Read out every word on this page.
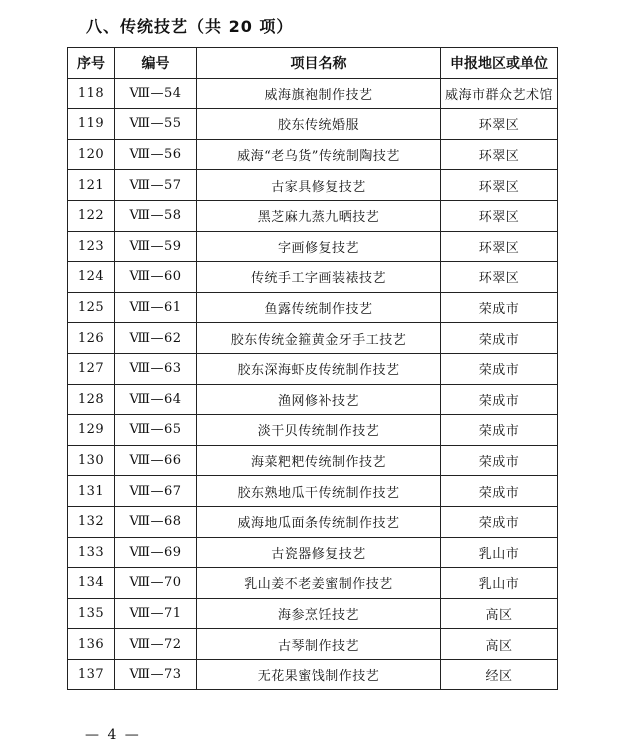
八、传统技艺（共 20 项）
序号	编号	项目名称	申报地区或单位
118	Ⅷ—54	威海旗袍制作技艺	威海市群众艺术馆
119	Ⅷ—55	胶东传统婚服	环翠区
120	Ⅷ—56	威海“老乌货”传统制陶技艺	环翠区
121	Ⅷ—57	古家具修复技艺	环翠区
122	Ⅷ—58	黑芝麻九蒸九晒技艺	环翠区
123	Ⅷ—59	字画修复技艺	环翠区
124	Ⅷ—60	传统手工字画装裱技艺	环翠区
125	Ⅷ—61	鱼露传统制作技艺	荣成市
126	Ⅷ—62	胶东传统金箍黄金牙手工技艺	荣成市
127	Ⅷ—63	胶东深海虾皮传统制作技艺	荣成市
128	Ⅷ—64	渔网修补技艺	荣成市
129	Ⅷ—65	淡干贝传统制作技艺	荣成市
130	Ⅷ—66	海菜粑粑传统制作技艺	荣成市
131	Ⅷ—67	胶东熟地瓜干传统制作技艺	荣成市
132	Ⅷ—68	威海地瓜面条传统制作技艺	荣成市
133	Ⅷ—69	古瓷器修复技艺	乳山市
134	Ⅷ—70	乳山姜不老姜蜜制作技艺	乳山市
135	Ⅷ—71	海参烹饪技艺	高区
136	Ⅷ—72	古琴制作技艺	高区
137	Ⅷ—73	无花果蜜饯制作技艺	经区
— 4 —
